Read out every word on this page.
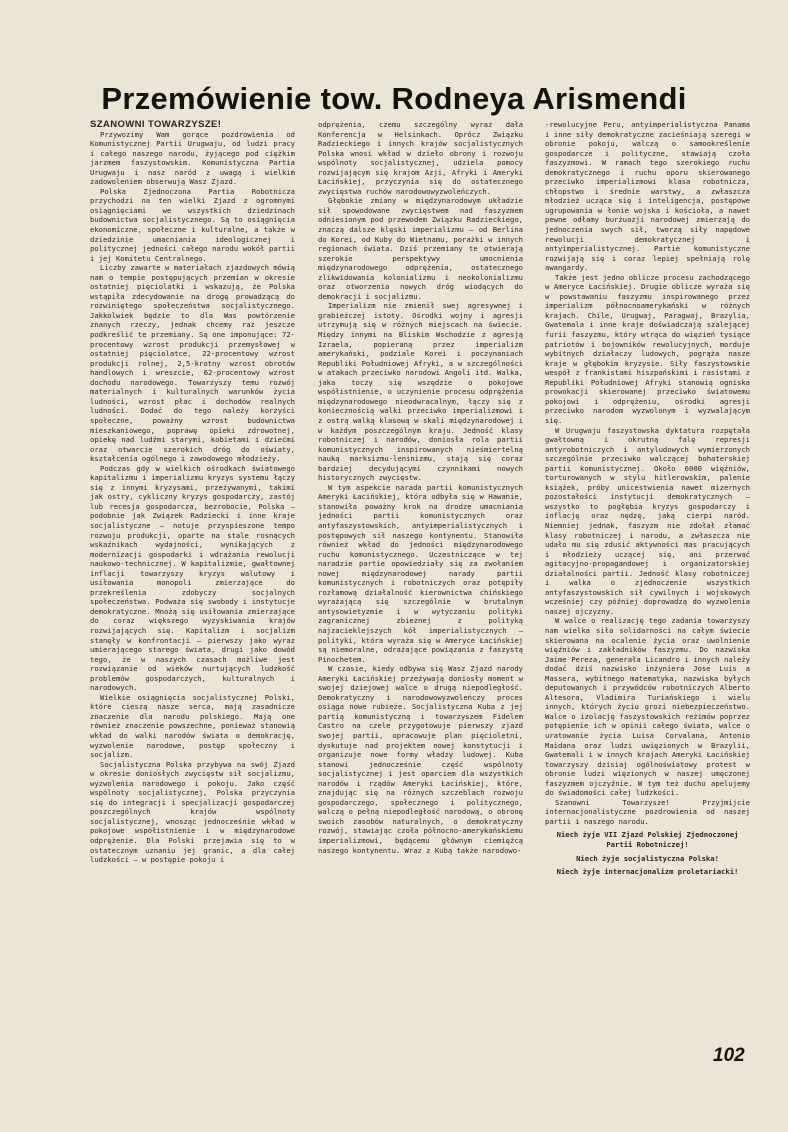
Przemówienie tow. Rodneya Arismendi

SZANOWNI TOWARZYSZE!

Przywozimy Wam gorące pozdrowienia od Komunistycznej Partii Urugwaju, od ludzi pracy i całego naszego narodu, żyjącego pod ciężkim jarzmem faszystowskim. Komunistyczna Partia Urugwaju i nasz naród z uwagą i wielkim zadowoleniem obserwują Wasz Zjazd.

Polska Zjednoczona Partia Robotnicza przychodzi na ten wielki Zjazd z ogromnymi osiągnięciami we wszystkich dziedzinach budownictwa socjalistycznego. Są to osiągnięcia ekonomiczne, społeczne i kulturalne, a także w dziedzinie umacniania ideologicznej i politycznej jedności całego narodu wokół partii i jej Komitetu Centralnego.

Liczby zawarte w materiałach zjazdowych mówią nam o tempie postępujących przemian w okresie ostatniej pięciolatki i wskazują, że Polska wstąpiła zdecydowanie na drogę prowadzącą do rozwiniętego społeczeństwa socjalistycznego. Jakkolwiek będzie to dla Was powtórzenie znanych rzeczy, jednak chcemy raz jeszcze podkreślić te przemiany. Są one imponujące: 72-procentowy wzrost produkcji przemysłowej w ostatniej pięciolatce, 22-procentowy wzrost produkcji rolnej, 2,5-krotny wzrost obrotów handlowych i wreszcie, 62-procentowy wzrost dochodu narodowego. Towarzyszy temu rozwój materialnych i kulturalnych warunków życia ludności, wzrost płac i dochodów realnych ludności. Dodać do tego należy korzyści społeczne, poważny wzrost budownictwa mieszkaniowego, poprawę opieki zdrowotnej, opiekę nad ludźmi starymi, kobietami i dziećmi oraz otwarcie szerokich dróg do oświaty, kształcenia ogólnego i zawodowego młodzieży.

Podczas gdy w wielkich ośrodkach światowego kapitalizmu i imperializmu kryzys systemu łączy się z innymi kryzysami, przeżywanymi, takimi jak ostry, cykliczny kryzys gospodarczy, zastój lub recesja gospodarcza, bezrobocie, Polska — podobnie jak Związek Radziecki i inne kraje socjalistyczne — notuje przyspieszone tempo rozwoju produkcji, oparte na stale rosnących wskaźnikach wydajności, wynikających z modernizacji gospodarki i wdrażania rewolucji naukowo-technicznej. W kapitalizmie, gwałtownej inflacji towarzyszy kryzys walutowy i usiłowania monopoli zmierzające do przekreślenia zdobyczy socjalnych społeczeństwa. Podważa się swobody i instytucje demokratyczne. Mnożą się usiłowania zmierzające do coraz większego wyzyskiwania krajów rozwijających się. Kapitalizm i socjalizm stanęły w konfrontacji — pierwszy jako wyraz umierającego starego świata, drugi jako dowód tego, że w naszych czasach możliwe jest rozwiązanie od wieków nurtujących ludzkość problemów gospodarczych, kulturalnych i narodowych.

Wielkie osiągnięcia socjalistycznej Polski, które cieszą nasze serca, mają zasadnicze znaczenie dla narodu polskiego. Mają one również znaczenie powszechne, ponieważ stanowią wkład do walki narodów świata o demokrację, wyzwolenie narodowe, postęp społeczny i socjalizm.

Socjalistyczna Polska przybywa na swój Zjazd w okresie doniosłych zwycięstw sił socjalizmu, wyzwolenia narodowego i pokoju. Jako część wspólnoty socjalistycznej, Polska przyczynia się do integracji i specjalizacji gospodarczej poszczególnych krajów wspólnoty socjalistycznej, wnosząc jednocześnie wkład w pokojowe współistnienie i w międzynarodowe odprężenie. Dla Polski przejawia się to w ostatecznym uznaniu jej granic, a dla całej ludzkości — w postępie pokoju i

odprężenia, czemu szczególny wyraz dała Konferencja w Helsinkach. Oprócz Związku Radzieckiego i innych krajów socjalistycznych Polska wnosi wkład w dzieło obrony i rozwoju wspólnoty socjalistycznej, udziela pomocy rozwijającym się krajom Azji, Afryki i Ameryki Łacińskiej, przyczynia się do ostatecznego zwycięstwa ruchów narodowowyzwoleńczych.

Głębokie zmiany w międzynarodowym układzie sił spowodowane zwycięstwem nad faszyzmem odniesionym pod przewodem Związku Radzieckiego, znaczą dalsze klęski imperializmu — od Berlina do Korei, od Kuby do Wietnamu, porażki w innych regionach świata. Dziś przemiany te otwierają szerokie perspektywy umocnienia międzynarodowego odprężenia, ostatecznego zlikwidowania kolonializmu i neokolonializmu oraz otworzenia nowych dróg wiodących do demokracji i socjalizmu.

Imperializm nie zmienił swej agresywnej i grabieżczej istoty. Ośrodki wojny i agresji utrzymują się w różnych miejscach na świecie. Między innymi na Bliskim Wschodzie z agresją Izraela, popieraną przez imperializm amerykański, podziale Korei i poczynaniach Republiki Południowej Afryki, a w szczególności w atakach przeciwko narodowi Angoli itd. Walka, jaka toczy się wszędzie o pokojowe współistnienie, o uczynienie procesu odprężenia międzynarodowego nieodwracalnym, łączy się z koniecznością walki przeciwko imperializmowi i z ostrą walką klasową w skali międzynarodowej i w każdym poszczególnym kraju. Jedność klasy robotniczej i narodów, doniosła rola partii komunistycznych inspirowanych nieśmiertelną nauką marksizmu-leninizmu, stają się coraz bardziej decydującymi czynnikami nowych historycznych zwycięstw.

W tym aspekcie narada partii komunistycznych Ameryki Łacińskiej, która odbyła się w Hawanie, stanowiła poważny krok na drodze umacniania jedności partii komunistycznych oraz antyfaszystowskich, antyimperialistycznych i postępowych sił naszego kontynentu. Stanowiła również wkład do jedności międzynarodowego ruchu komunistycznego. Uczestniczące w tej naradzie partie opowiedziały się za zwołaniem nowej międzynarodowej narady partii komunistycznych i robotniczych oraz potępiły rozłamową działalność kierownictwa chińskiego wyrażającą się szczególnie w brutalnym antysowietyzmie i w wytyczaniu polityki zagranicznej zbieżnej z polityką najzacieklejszych kół imperialistycznych — polityki, która wyraża się w Ameryce Łacińskiej są niemoralne, odrażające powiązania z faszystą Pinochetem.

W czasie, kiedy odbywa się Wasz Zjazd narody Ameryki Łacińskiej przeżywają doniosły moment w swojej dziejowej walce o drugą niepodległość. Demokratyczny i narodowowyzwoleńczy proces osiąga nowe rubieże. Socjalistyczna Kuba z jej partią komunistyczną i towarzyszem Fidelem Castro na czele przygotowuje pierwszy zjazd swojej partii, opracowuje plan pięcioletni, dyskutuje nad projektem nowej konstytucji i organizuje nowe formy władzy ludowej. Kuba stanowi jednocześnie część wspólnoty socjalistycznej i jest oparciem dla wszystkich narodów i rządów Ameryki Łacińskiej, które, znajdując się na różnych szczeblach rozwoju gospodarczego, społecznego i politycznego, walczą o pełną niepodległość narodową, o obronę swoich zasobów naturalnych, o demokratyczny rozwój, stawiając czoła północno-amerykańskiemu imperializmowi, będącemu głównym ciemiężcą naszego kontynentu. Wraz z Kubą także narodowo-

-rewolucyjne Peru, antyimperialistyczna Panama i inne siły demokratyczne zacieśniają szeregi w obronie pokoju, walczą o samookreślenie gospodarcze i polityczne, stawiają czoła faszyzmowi. W ramach tego szerokiego ruchu demokratycznego i ruchu oporu skierowanego przeciwko imperializmowi klasa robotnicza, chłopstwo i średnie warstwy, a zwłaszcza młodzież ucząca się i inteligencja, postępowe ugrupowania w łonie wojska i kościoła, a nawet pewne odłamy burżuazji narodowej zmierzają do jednoczenia swych sił, tworzą siły napędowe rewolucji demokratycznej i antyimperialistycznej. Partie komunistyczne rozwijają się i coraz lepiej spełniają rolę awangardy.

Także jest jedno oblicze procesu zachodzącego w Ameryce Łacińskiej. Drugie oblicze wyraża się w powstawaniu faszyzmu inspirowanego przez imperializm północnoamerykański w różnych krajach. Chile, Urugwaj, Paragwaj, Brazylia, Gwatemala i inne kraje doświadczają szalejącej furii faszyzmu, który wtrąca do więzień tysiące patriotów i bojowników rewolucyjnych, morduje wybitnych działaczy ludowych, pogrąża nasze kraje w głębokim kryzysie. Siły faszystowskie wespół z frankistami hiszpańskimi i rasistami z Republiki Południowej Afryki stanowią ogniska prowokacji skierowanej przeciwko światowemu pokojowi i odprężeniu, ośrodki agresji przeciwko narodom wyzwolonym i wyzwalającym się.

W Urugwaju faszystowska dyktatura rozpętała gwałtowną i okrutną falę represji antyrobotniczych i antyludowych wymierzonych szczególnie przeciwko walczącej bohaterskiej partii komunistycznej. Około 6000 więźniów, torturowanych w stylu hitlerowskim, palenie książek, próby unicestwienia nawet mizernych pozostałości instytucji demokratycznych — wszystko to pogłębia kryzys gospodarczy i inflację oraz nędzę, jaką cierpi naród. Niemniej jednak, faszyzm nie zdołał złamać klasy robotniczej i narodu, a zwłaszcza nie udało mu się zdusić aktywności mas pracujących i młodzieży uczącej się, ani przerwać agitacyjno-propagandowej i organizatorskiej działalności partii. Jedność klasy robotniczej i walka o zjednoczenie wszystkich antyfaszystowskich sił cywilnych i wojskowych wcześniej czy później doprowadzą do wyzwolenia naszej ojczyzny.

W walce o realizację tego zadania towarzyszy nam wielka siła solidarności na całym świecie skierowana na ocalenie życia oraz uwolnienie więźniów i zakładników faszyzmu. Do nazwiska Jaime Pereza, generała Licandro i innych należy dodać dziś nazwisko inżyniera Jose Luis a Massera, wybitnego matematyka, nazwiska byłych deputowanych i przywódców robotniczych Alberto Altesora, Vladimira Turiańskiego i wielu innych, których życiu grozi niebezpieczeństwo. Walce o izolację faszystowskich reżimów poprzez potępienie ich w opinii całego świata, walce o uratowanie życia Luisa Corvalana, Antonio Maidana oraz ludzi uwięzionych w Brazylii, Gwatemali i w innych krajach Ameryki Łacińskiej towarzyszy dzisiaj ogólnoświatowy protest w obronie ludzi więzionych w naszej umęczonej faszyzmem ojczyźnie. W tym też duchu apelujemy do świadomości całej ludzkości.

Szanowni Towarzysze! Przyjmijcie internacjonalistyczne pozdrowienia od naszej partii i naszego narodu.

Niech żyje VII Zjazd Polskiej Zjednoczonej Partii Robotniczej!

Niech żyje socjalistyczna Polska!

Niech żyje internacjonalizm proletariacki!

102
